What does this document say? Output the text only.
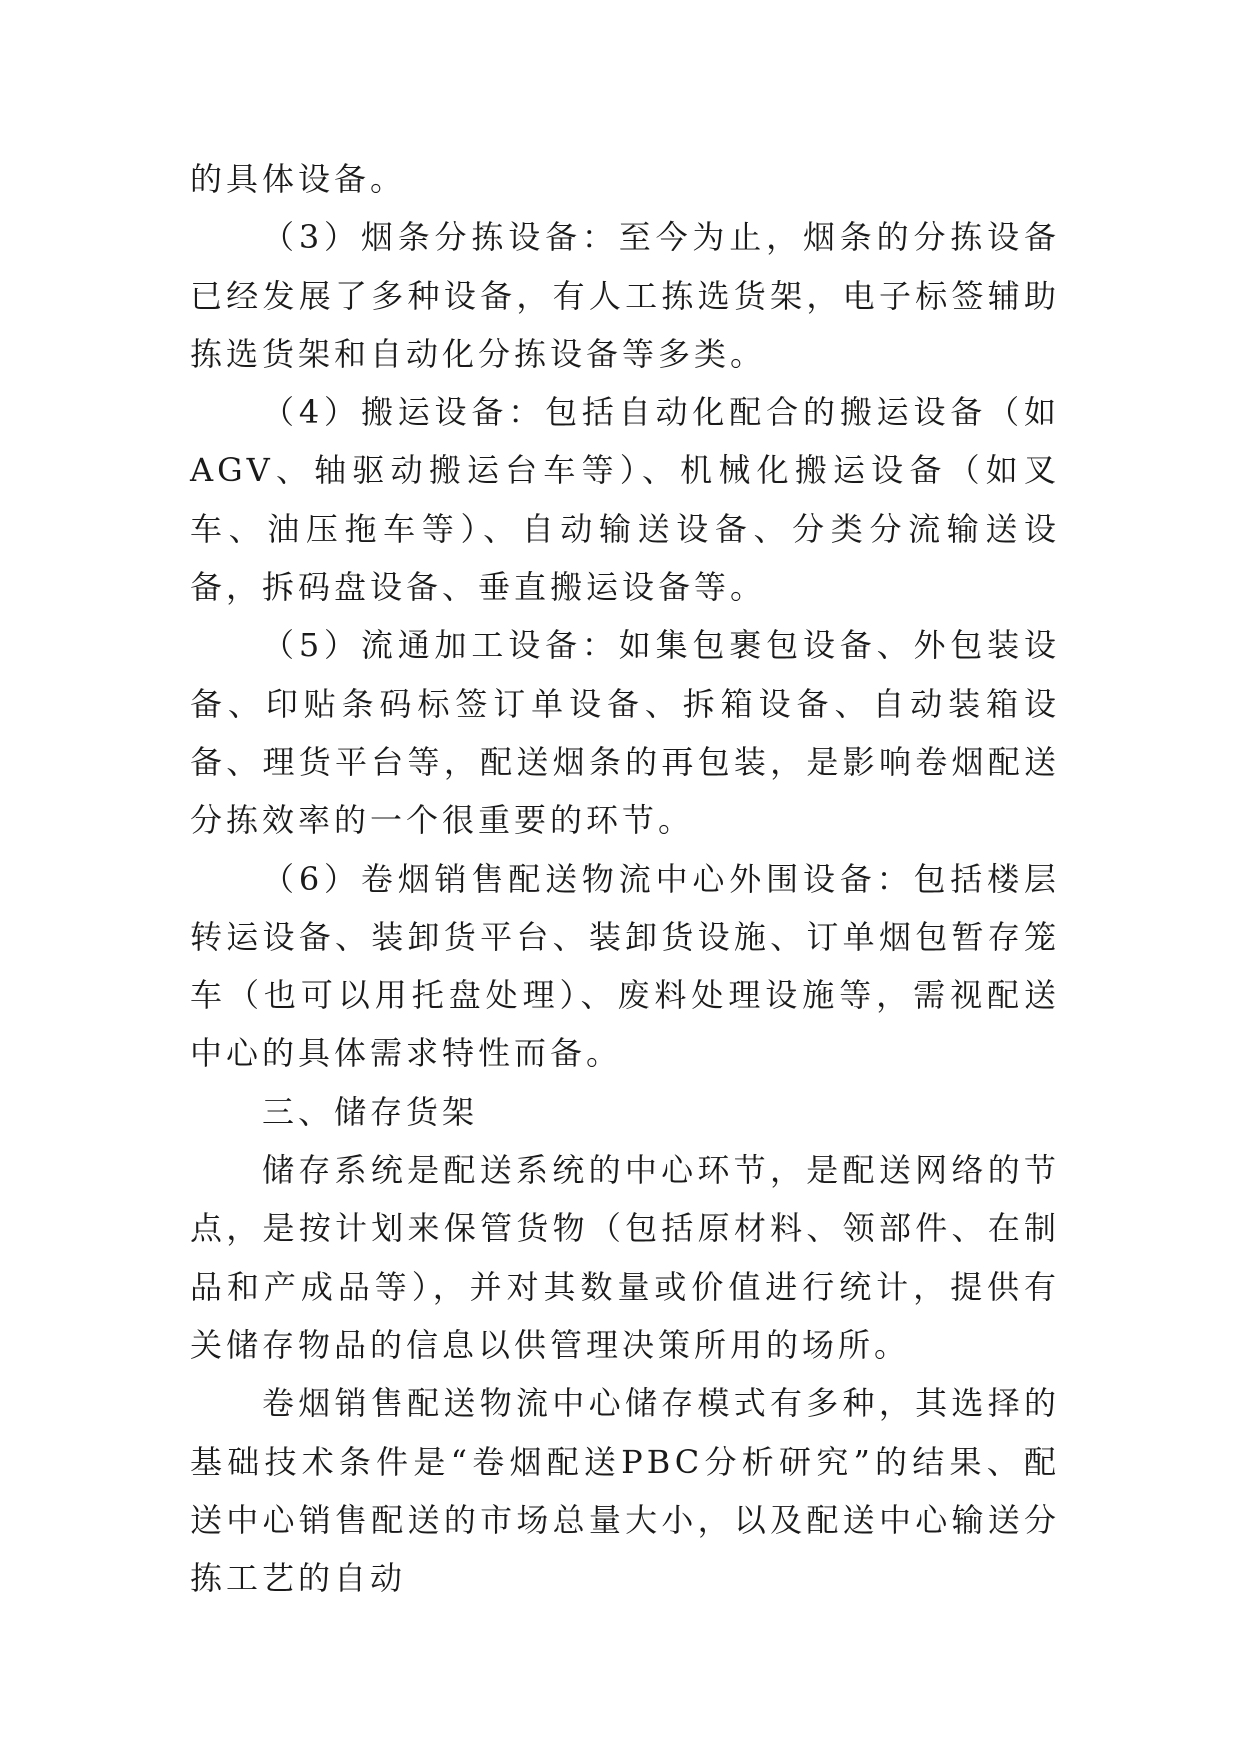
的具体设备。

（3）烟条分拣设备：至今为止，烟条的分拣设备已经发展了多种设备，有人工拣选货架，电子标签辅助拣选货架和自动化分拣设备等多类。

（4）搬运设备：包括自动化配合的搬运设备（如AGV、轴驱动搬运台车等）、机械化搬运设备（如叉车、油压拖车等）、自动输送设备、分类分流输送设备，拆码盘设备、垂直搬运设备等。

（5）流通加工设备：如集包裹包设备、外包装设备、印贴条码标签订单设备、拆箱设备、自动装箱设备、理货平台等，配送烟条的再包装，是影响卷烟配送分拣效率的一个很重要的环节。

（6）卷烟销售配送物流中心外围设备：包括楼层转运设备、装卸货平台、装卸货设施、订单烟包暂存笼车（也可以用托盘处理）、废料处理设施等，需视配送中心的具体需求特性而备。

三、储存货架

储存系统是配送系统的中心环节，是配送网络的节点，是按计划来保管货物（包括原材料、领部件、在制品和产成品等），并对其数量或价值进行统计，提供有关储存物品的信息以供管理决策所用的场所。

卷烟销售配送物流中心储存模式有多种，其选择的基础技术条件是“卷烟配送PBC分析研究”的结果、配送中心销售配送的市场总量大小，以及配送中心输送分拣工艺的自动
